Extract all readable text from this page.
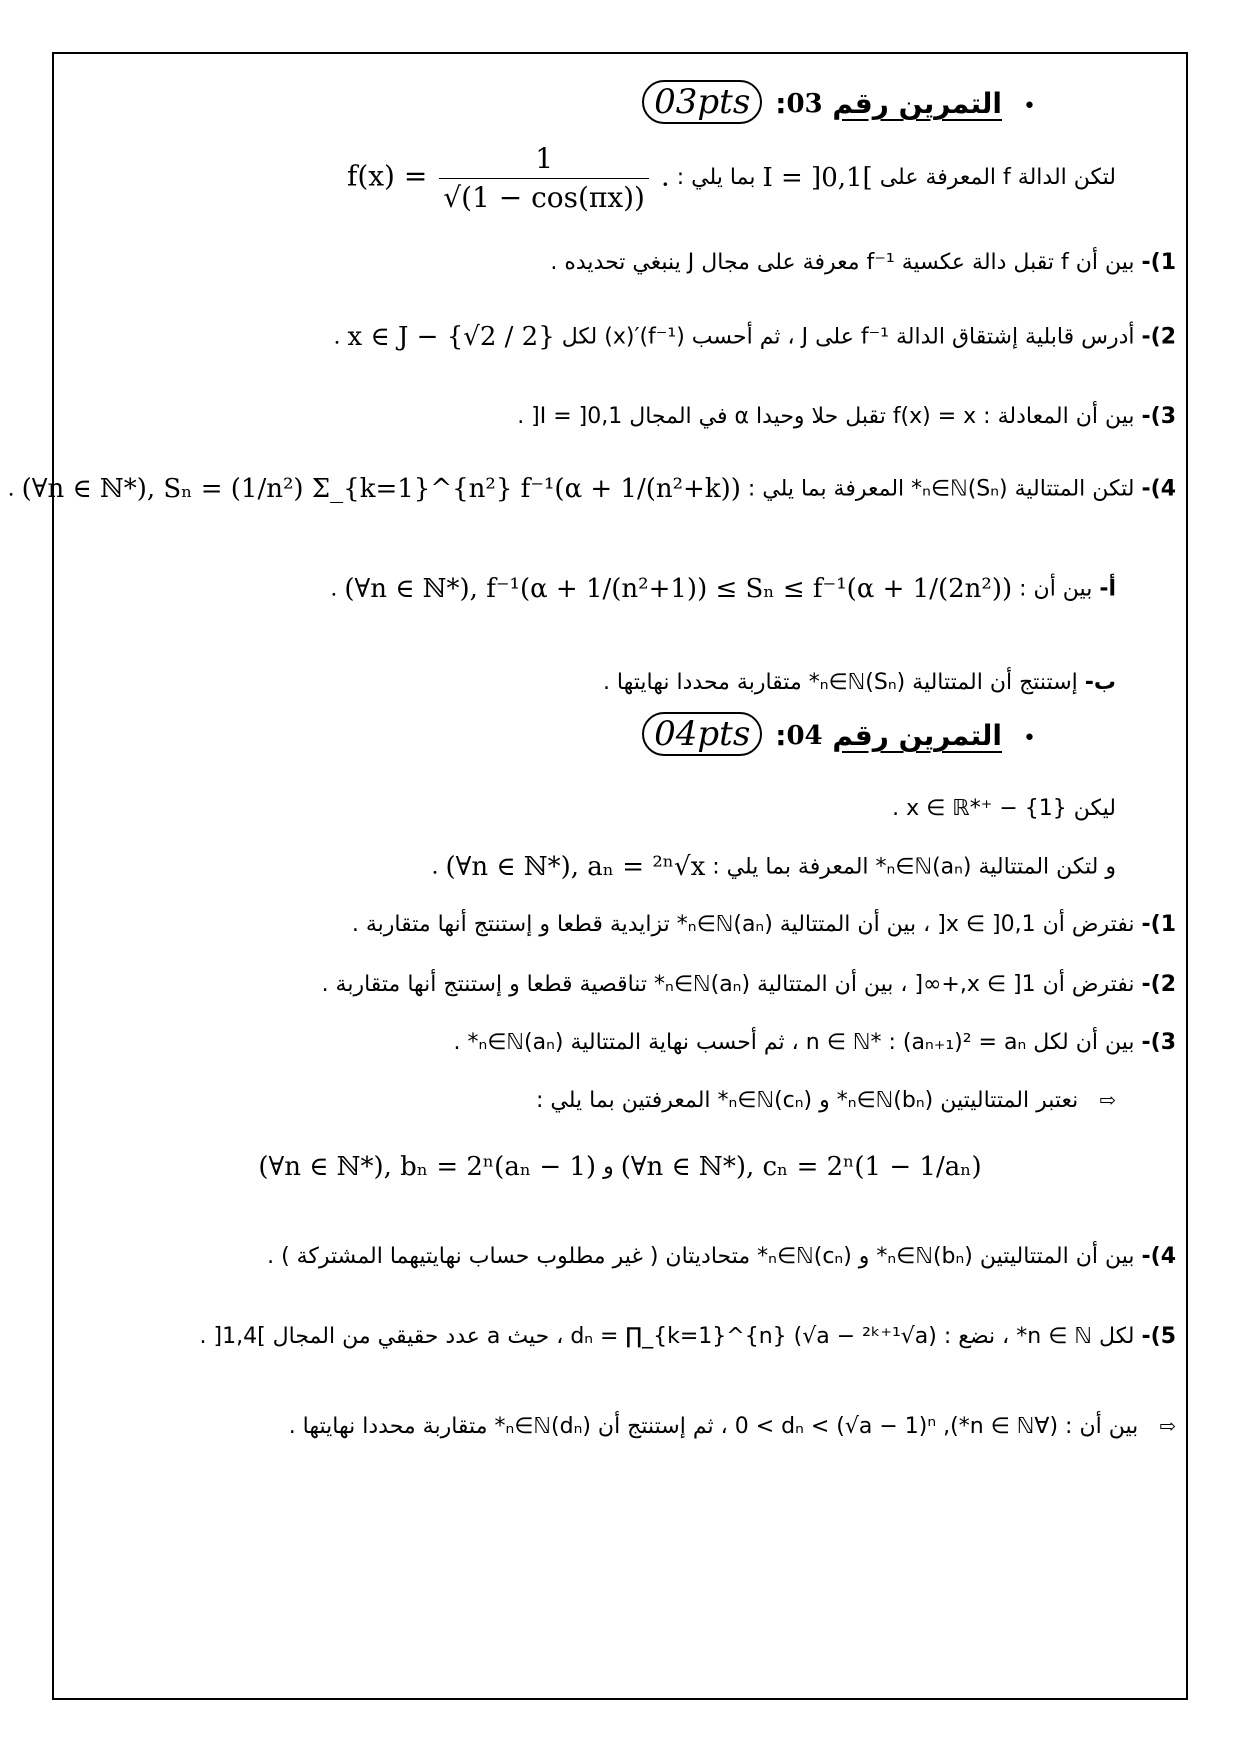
• التمرين رقم 03: 03pts
لتكن الدالة f المعرفة على I = ]0,1[ بما يلي : $f(x) = \frac{1}{√(1 - \cos(\pi x))}$ .
1)- بين أن f تقبل دالة عكسية f⁻¹ معرفة على مجال J ينبغي تحديده .
2)- أدرس قابلية إشتقاق الدالة f⁻¹ على J ، ثم أحسب (f⁻¹)′(x) لكل x ∈ J − {√2 / 2} .
3)- بين أن المعادلة : f(x) = x تقبل حلا وحيدا α في المجال I = ]0,1[ .
4)- لتكن المتتالية (Sₙ)ₙ∈ℕ* المعرفة بما يلي : (∀n ∈ ℕ*), Sₙ = (1/n²) Σ_{k=1}^{n²} f⁻¹(α + 1/(n²+k)) .
أ- بين أن : (∀n ∈ ℕ*), f⁻¹(α + 1/(n²+1)) ≤ Sₙ ≤ f⁻¹(α + 1/(2n²)) .
ب- إستنتج أن المتتالية (Sₙ)ₙ∈ℕ* متقاربة محددا نهايتها .
• التمرين رقم 04: 04pts
ليكن x ∈ ℝ*⁺ − {1} .
و لتكن المتتالية (aₙ)ₙ∈ℕ* المعرفة بما يلي : (∀n ∈ ℕ*), aₙ = ²ⁿ√x .
1)- نفترض أن x ∈ ]0,1[ ، بين أن المتتالية (aₙ)ₙ∈ℕ* تزايدية قطعا و إستنتج أنها متقاربة .
2)- نفترض أن x ∈ ]1,+∞[ ، بين أن المتتالية (aₙ)ₙ∈ℕ* تناقصية قطعا و إستنتج أنها متقاربة .
3)- بين أن لكل n ∈ ℕ* : (aₙ₊₁)² = aₙ ، ثم أحسب نهاية المتتالية (aₙ)ₙ∈ℕ* .
⇨ نعتبر المتتاليتين (bₙ)ₙ∈ℕ* و (cₙ)ₙ∈ℕ* المعرفتين بما يلي :
(∀n ∈ ℕ*), cₙ = 2ⁿ(1 − 1/aₙ) و (∀n ∈ ℕ*), bₙ = 2ⁿ(aₙ − 1)
4)- بين أن المتتاليتين (bₙ)ₙ∈ℕ* و (cₙ)ₙ∈ℕ* متحاديتان ( غير مطلوب حساب نهايتيهما المشتركة ) .
5)- لكل n ∈ ℕ* ، نضع : dₙ = ∏_{k=1}^{n} (√a − ²ᵏ⁺¹√a) ، حيث a عدد حقيقي من المجال ]1,4[ .
⇨ بين أن : (∀n ∈ ℕ*), 0 < dₙ < (√a − 1)ⁿ ، ثم إستنتج أن (dₙ)ₙ∈ℕ* متقاربة محددا نهايتها .
